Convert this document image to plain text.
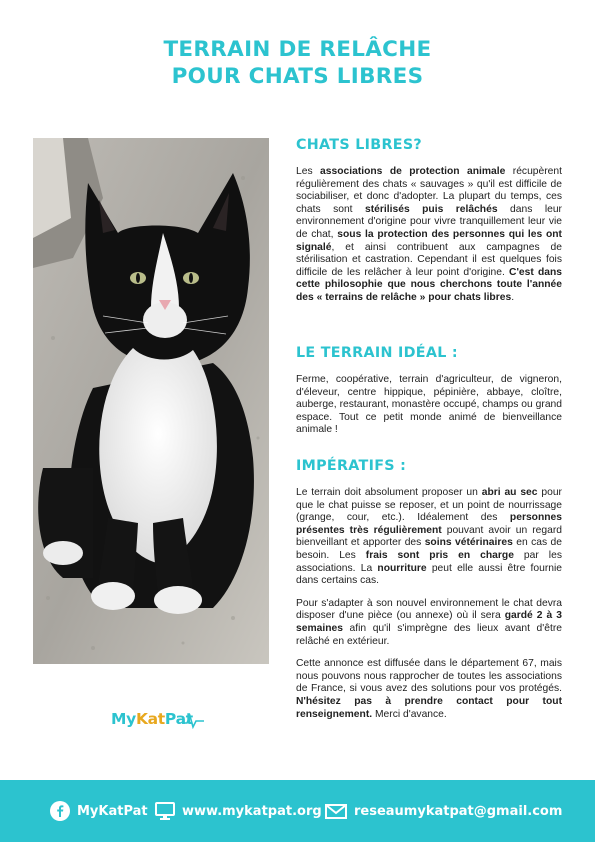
TERRAIN DE RELÂCHE
POUR CHATS LIBRES
MyKatPat
CHATS LIBRES?

Les associations de protection animale récupèrent régulièrement des chats « sauvages » qu'il est difficile de sociabiliser, et donc d'adopter. La plupart du temps, ces chats sont stérilisés puis relâchés dans leur environnement d'origine pour vivre tranquillement leur vie de chat, sous la protection des personnes qui les ont signalé, et ainsi contribuent aux campagnes de stérilisation et castration. Cependant il est quelques fois difficile de les relâcher à leur point d'origine. C'est dans cette philosophie que nous cherchons toute l'année des « terrains de relâche » pour chats libres.

LE TERRAIN IDÉAL :

Ferme, coopérative, terrain d'agriculteur, de vigneron, d'éleveur, centre hippique, pépinière, abbaye, cloître, auberge, restaurant, monastère occupé, champs ou grand espace. Tout ce petit monde animé de bienveillance animale !

IMPÉRATIFS :

Le terrain doit absolument proposer un abri au sec pour que le chat puisse se reposer, et un point de nourrissage (grange, cour, etc.). Idéalement des personnes présentes très régulièrement pouvant avoir un regard bienveillant et apporter des soins vétérinaires en cas de besoin. Les frais sont pris en charge par les associations. La nourriture peut elle aussi être fournie dans certains cas.

Pour s'adapter à son nouvel environnement le chat devra disposer d'une pièce (ou annexe) où il sera gardé 2 à 3 semaines afin qu'il s'imprègne des lieux avant d'être relâché en extérieur.

Cette annonce est diffusée dans le département 67, mais nous pouvons nous rapprocher de toutes les associations de France, si vous avez des solutions pour vos protégés. N'hésitez pas à prendre contact pour tout renseignement. Merci d'avance.

MyKatPat	www.mykatpat.org reseaumykatpat@gmail.com
